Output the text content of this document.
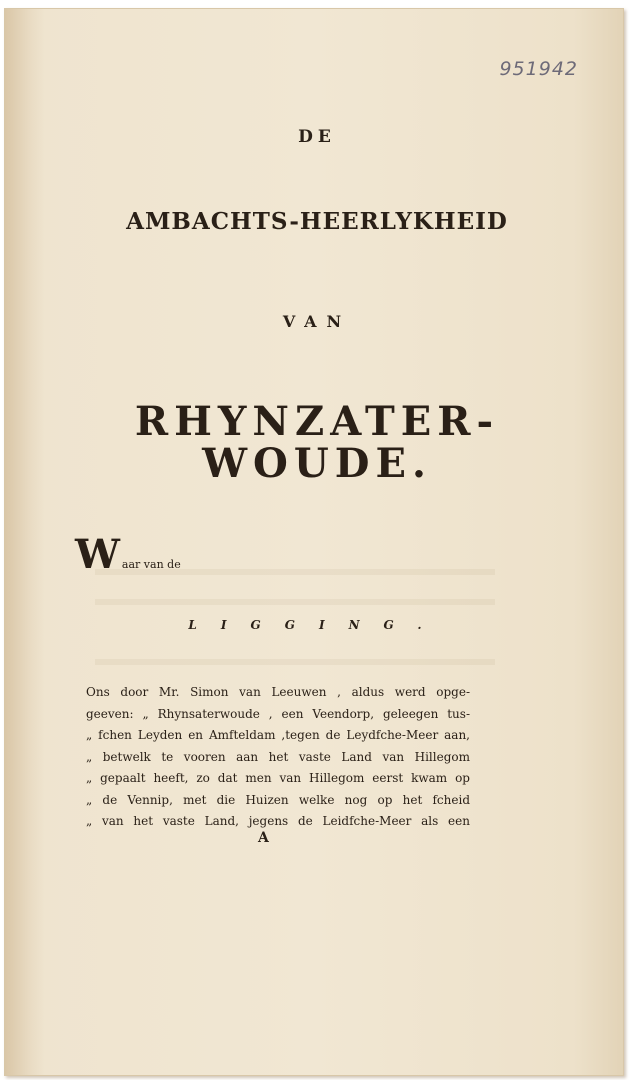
951942
DE
AMBACHTS-HEERLYKHEID
VAN
RHYNZATER-
WOUDE.
Waar van de
LIGGING.
Ons door Mr. Simon van Leeuwen , aldus werd opge-
geeven: „ Rhynsaterwoude , een Veendorp, geleegen tus-
„ fchen Leyden en Amfteldam ,tegen de Leydfche-Meer aan,
„ betwelk te vooren aan het vaste Land van Hillegom
„ gepaalt heeft, zo dat men van Hillegom eerst kwam op
„ de Vennip, met die Huizen welke nog op het fcheid
„ van het vaste Land, jegens de Leidfche-Meer als een
A
